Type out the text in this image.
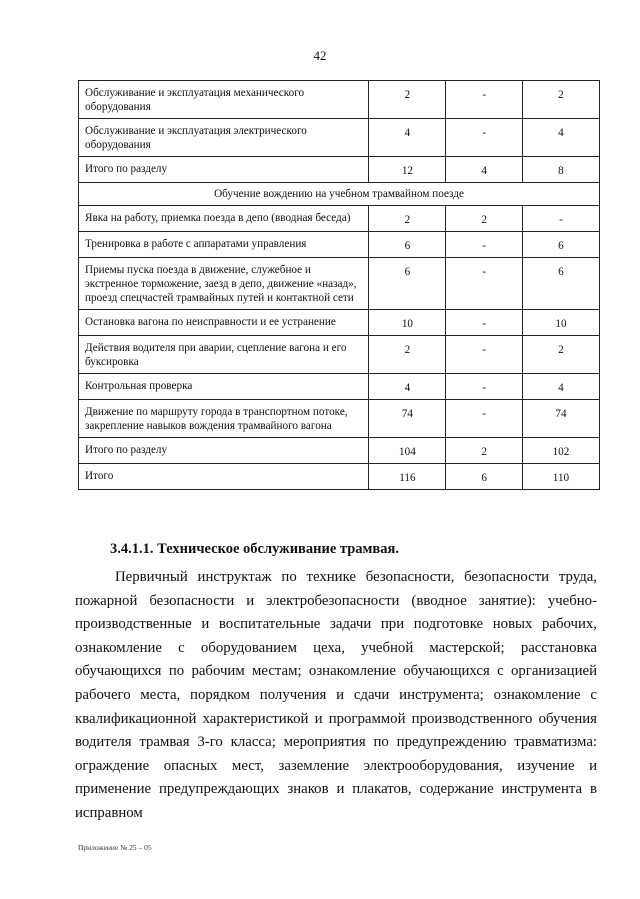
42
Обслуживание и эксплуатация механического оборудования	2	-	2
Обслуживание и эксплуатация электрического оборудования	4	-	4
Итого по разделу	12	4	8
Обучение вождению на учебном трамвайном поезде			
Явка на работу, приемка поезда в депо (вводная беседа)	2	2	-
Тренировка в работе с аппаратами управления	6	-	6
Приемы пуска поезда в движение, служебное и экстренное торможение, заезд в депо, движение «назад», проезд спецчастей трамвайных путей и контактной сети	6	-	6
Остановка вагона по неисправности и ее устранение	10	-	10
Действия водителя при аварии, сцепление вагона и его буксировка	2	-	2
Контрольная проверка	4	-	4
Движение по маршруту города в транспортном потоке, закрепление навыков вождения трамвайного вагона	74	-	74
Итого по разделу	104	2	102
Итого	116	6	110
3.4.1.1. Техническое обслуживание трамвая.

Первичный инструктаж по технике безопасности, безопасности труда, пожарной безопасности и электробезопасности (вводное занятие): учебно-производственные и воспитательные задачи при подготовке новых рабочих, ознакомление с оборудованием цеха, учебной мастерской; расстановка обучающихся по рабочим местам; ознакомление обучающихся с организацией рабочего места, порядком получения и сдачи инструмента; ознакомление с квалификационной характеристикой и программой производственного обучения водителя трамвая 3-го класса; мероприятия по предупреждению травматизма: ограждение опасных мест, заземление электрооборудования, изучение и применение предупреждающих знаков и плакатов, содержание инструмента в исправном

Приложение № 25 – 05
